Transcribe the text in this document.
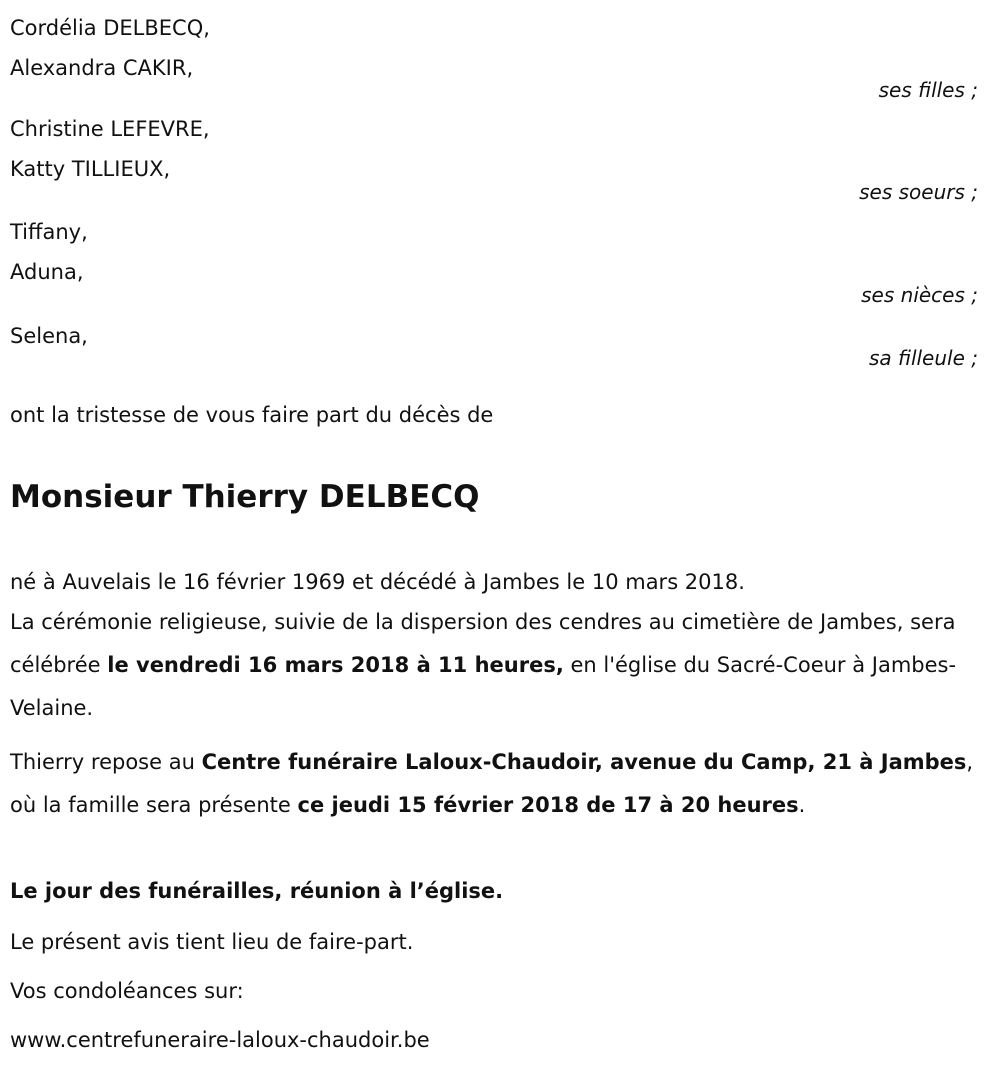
Cordélia DELBECQ,
Alexandra CAKIR,
ses filles ;
Christine LEFEVRE,
Katty TILLIEUX,
ses soeurs ;
Tiffany,
Aduna,
ses nièces ;
Selena,
sa filleule ;
ont la tristesse de vous faire part du décès de
Monsieur Thierry DELBECQ
né à Auvelais le 16 février 1969 et décédé à Jambes le 10 mars 2018.
La cérémonie religieuse, suivie de la dispersion des cendres au cimetière de Jambes, sera célébrée le vendredi 16 mars 2018 à 11 heures, en l'église du Sacré-Coeur à Jambes-Velaine.
Thierry repose au Centre funéraire Laloux-Chaudoir, avenue du Camp, 21 à Jambes, où la famille sera présente ce jeudi 15 février 2018 de 17 à 20 heures.
Le jour des funérailles, réunion à l’église.
Le présent avis tient lieu de faire-part.
Vos condoléances sur:
www.centrefuneraire-laloux-chaudoir.be
